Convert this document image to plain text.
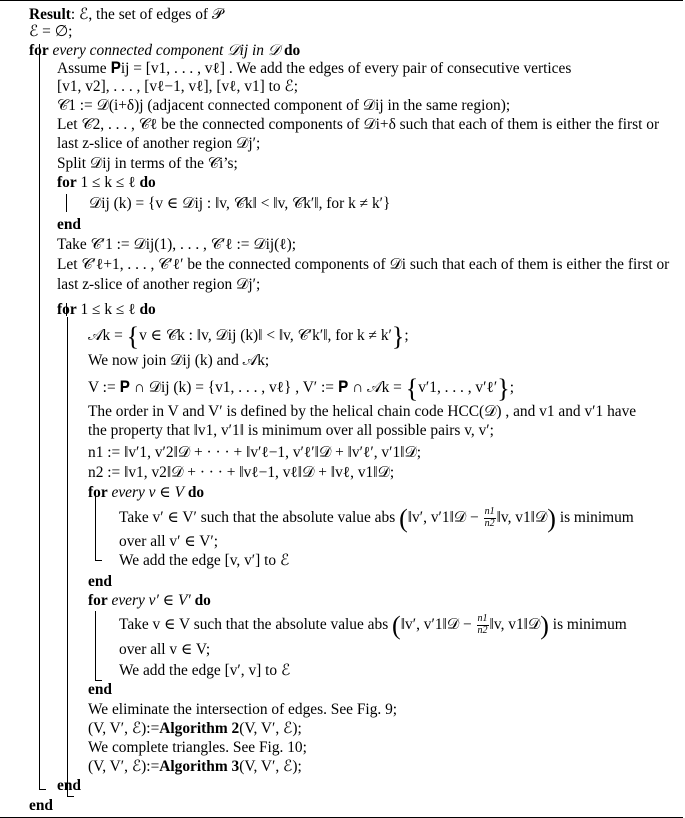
Result: ℰ, the set of edges of 𝒫
ℰ = ∅;
for every connected component 𝒟ij in 𝒟 do
Assume 𝐏ij = [v1, . . . , vℓ] . We add the edges of every pair of consecutive vertices
[v1, v2], . . . , [vℓ−1, vℓ], [vℓ, v1] to ℰ;
𝒞1 := 𝒟(i+δ)j (adjacent connected component of 𝒟ij in the same region);
Let 𝒞2, . . . , 𝒞ℓ be the connected components of 𝒟i+δ such that each of them is either the first or
last z-slice of another region 𝒟j′;
Split 𝒟ij in terms of the 𝒞i’s;
for 1 ≤ k ≤ ℓ do
𝒟ij (k) = {v ∈ 𝒟ij : ‖v, 𝒞k‖ < ‖v, 𝒞k′‖, for k ≠ k′}
end
Take 𝒞′1 := 𝒟ij(1), . . . , 𝒞′ℓ := 𝒟ij(ℓ);
Let 𝒞′ℓ+1, . . . , 𝒞′ℓ′ be the connected components of 𝒟i such that each of them is either the first or
last z-slice of another region 𝒟j′;
for 1 ≤ k ≤ ℓ do
𝒜k = {v ∈ 𝒞k : ‖v, 𝒟ij (k)‖ < ‖v, 𝒞′k′‖, for k ≠ k′};
We now join 𝒟ij (k) and 𝒜k;
V := 𝐏 ∩ 𝒟ij (k) = {v1, . . . , vℓ} , V′ := 𝐏 ∩ 𝒜k = {v′1, . . . , v′ℓ′};
The order in V and V′ is defined by the helical chain code HCC(𝒟) , and v1 and v′1 have
the property that ‖v1, v′1‖ is minimum over all possible pairs v, v′;
n1 := ‖v′1, v′2‖𝒟 + · · · + ‖v′ℓ−1, v′ℓ′‖𝒟 + ‖v′ℓ′, v′1‖𝒟;
n2 := ‖v1, v2‖𝒟 + · · · + ‖vℓ−1, vℓ‖𝒟 + ‖vℓ, v1‖𝒟;
for every v ∈ V do
Take v′ ∈ V′ such that the absolute value abs (‖v′, v′1‖𝒟 − $\frac{n1}{n2}$ ‖v, v1‖𝒟) is minimum
over all v′ ∈ V′;
We add the edge [v, v′] to ℰ
end
for every v′ ∈ V′ do
Take v ∈ V such that the absolute value abs (‖v′, v′1‖𝒟 − $\frac{n1}{n2}$ ‖v, v1‖𝒟) is minimum
over all v ∈ V;
We add the edge [v′, v] to ℰ
end
We eliminate the intersection of edges. See Fig. 9;
(V, V′, ℰ):=Algorithm 2(V, V′, ℰ);
We complete triangles. See Fig. 10;
(V, V′, ℰ):=Algorithm 3(V, V′, ℰ);
end
end
